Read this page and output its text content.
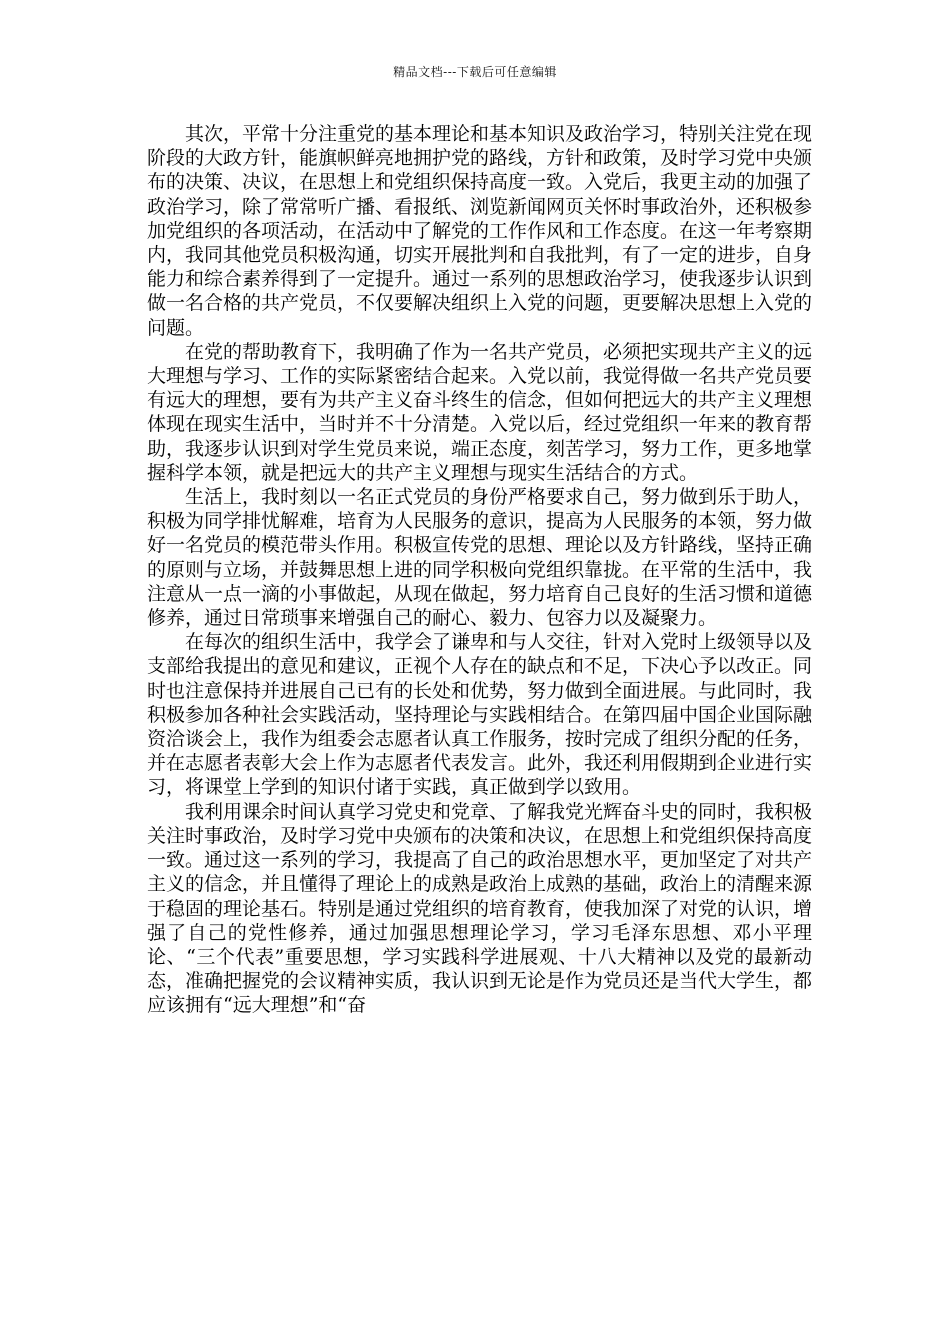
精品文档---下载后可任意编辑

其次，平常十分注重党的基本理论和基本知识及政治学习，特别关注党在现阶段的大政方针，能旗帜鲜亮地拥护党的路线，方针和政策，及时学习党中央颁布的决策、决议，在思想上和党组织保持高度一致。入党后，我更主动的加强了政治学习，除了常常听广播、看报纸、浏览新闻网页关怀时事政治外，还积极参加党组织的各项活动，在活动中了解党的工作作风和工作态度。在这一年考察期内，我同其他党员积极沟通，切实开展批判和自我批判，有了一定的进步，自身能力和综合素养得到了一定提升。通过一系列的思想政治学习，使我逐步认识到做一名合格的共产党员，不仅要解决组织上入党的问题，更要解决思想上入党的问题。

在党的帮助教育下，我明确了作为一名共产党员，必须把实现共产主义的远大理想与学习、工作的实际紧密结合起来。入党以前，我觉得做一名共产党员要有远大的理想，要有为共产主义奋斗终生的信念，但如何把远大的共产主义理想体现在现实生活中，当时并不十分清楚。入党以后，经过党组织一年来的教育帮助，我逐步认识到对学生党员来说，端正态度，刻苦学习，努力工作，更多地掌握科学本领，就是把远大的共产主义理想与现实生活结合的方式。

生活上，我时刻以一名正式党员的身份严格要求自己，努力做到乐于助人，积极为同学排忧解难，培育为人民服务的意识，提高为人民服务的本领，努力做好一名党员的模范带头作用。积极宣传党的思想、理论以及方针路线，坚持正确的原则与立场，并鼓舞思想上进的同学积极向党组织靠拢。在平常的生活中，我注意从一点一滴的小事做起，从现在做起，努力培育自己良好的生活习惯和道德修养，通过日常琐事来增强自己的耐心、毅力、包容力以及凝聚力。

在每次的组织生活中，我学会了谦卑和与人交往，针对入党时上级领导以及支部给我提出的意见和建议，正视个人存在的缺点和不足，下决心予以改正。同时也注意保持并进展自己已有的长处和优势，努力做到全面进展。与此同时，我积极参加各种社会实践活动，坚持理论与实践相结合。在第四届中国企业国际融资洽谈会上，我作为组委会志愿者认真工作服务，按时完成了组织分配的任务，并在志愿者表彰大会上作为志愿者代表发言。此外，我还利用假期到企业进行实习，将课堂上学到的知识付诸于实践，真正做到学以致用。

我利用课余时间认真学习党史和党章、了解我党光辉奋斗史的同时，我积极关注时事政治，及时学习党中央颁布的决策和决议，在思想上和党组织保持高度一致。通过这一系列的学习，我提高了自己的政治思想水平，更加坚定了对共产主义的信念，并且懂得了理论上的成熟是政治上成熟的基础，政治上的清醒来源于稳固的理论基石。特别是通过党组织的培育教育，使我加深了对党的认识，增强了自己的党性修养，通过加强思想理论学习，学习毛泽东思想、邓小平理论、“三个代表”重要思想，学习实践科学进展观、十八大精神以及党的最新动态，准确把握党的会议精神实质，我认识到无论是作为党员还是当代大学生，都应该拥有“远大理想”和“奋
